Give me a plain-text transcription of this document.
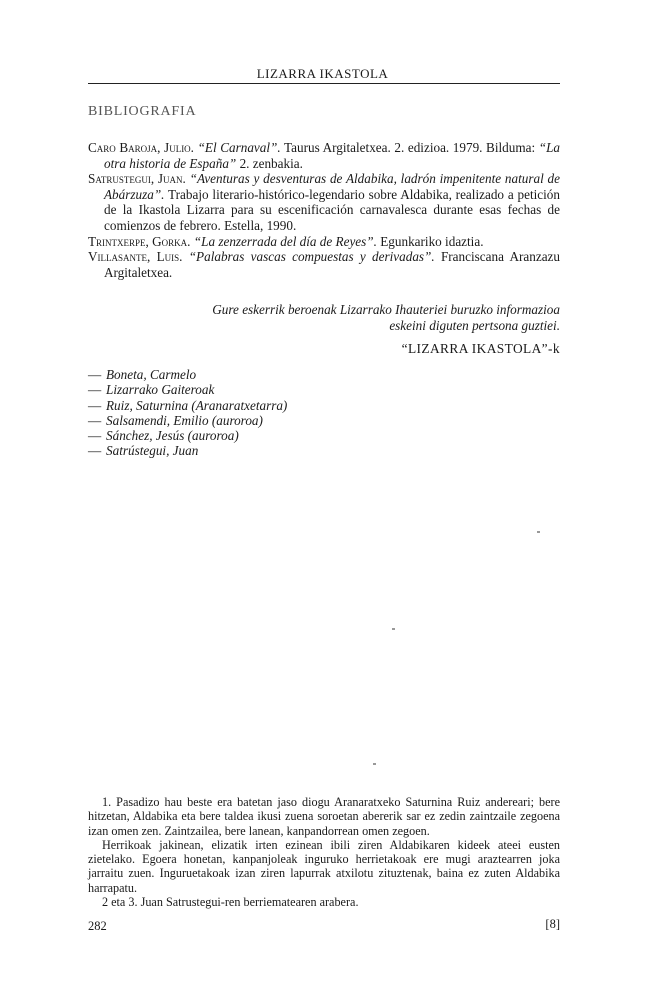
LIZARRA IKASTOLA
BIBLIOGRAFIA

Caro Baroja, Julio. “El Carnaval”. Taurus Argitaletxea. 2. edizioa. 1979. Bilduma: “La otra historia de España” 2. zenbakia.

Satrustegui, Juan. “Aventuras y desventuras de Aldabika, ladrón impenitente natural de Abárzuza”. Trabajo literario-histórico-legendario sobre Aldabika, realizado a petición de la Ikastola Lizarra para su escenificación carnavalesca durante esas fechas de comienzos de febrero. Estella, 1990.

Trintxerpe, Gorka. “La zenzerrada del día de Reyes”. Egunkariko idaztia.

Villasante, Luis. “Palabras vascas compuestas y derivadas”. Franciscana Aranzazu Argitaletxea.

Gure eskerrik beroenak Lizarrako Ihauteriei buruzko informazioa
eskeini diguten pertsona guztiei.
“LIZARRA IKASTOLA”-k
— Boneta, Carmelo
— Lizarrako Gaiteroak
— Ruiz, Saturnina (Aranaratxetarra)
— Salsamendi, Emilio (auroroa)
— Sánchez, Jesús (auroroa)
— Satrústegui, Juan

1. Pasadizo hau beste era batetan jaso diogu Aranaratxeko Saturnina Ruiz andereari; bere hitzetan, Aldabika eta bere taldea ikusi zuena soroetan abererik sar ez zedin zaintzaile zegoena izan omen zen. Zaintzailea, bere lanean, kanpandorrean omen zegoen.

Herrikoak jakinean, elizatik irten ezinean ibili ziren Aldabikaren kideek ateei eusten zietelako. Egoera honetan, kanpanjoleak inguruko herrietakoak ere mugi araztearren joka jarraitu zuen. Inguruetakoak izan ziren lapurrak atxilotu zituztenak, baina ez zuten Aldabika harrapatu.

2 eta 3. Juan Satrustegui-ren berriematearen arabera.

282	[8]
